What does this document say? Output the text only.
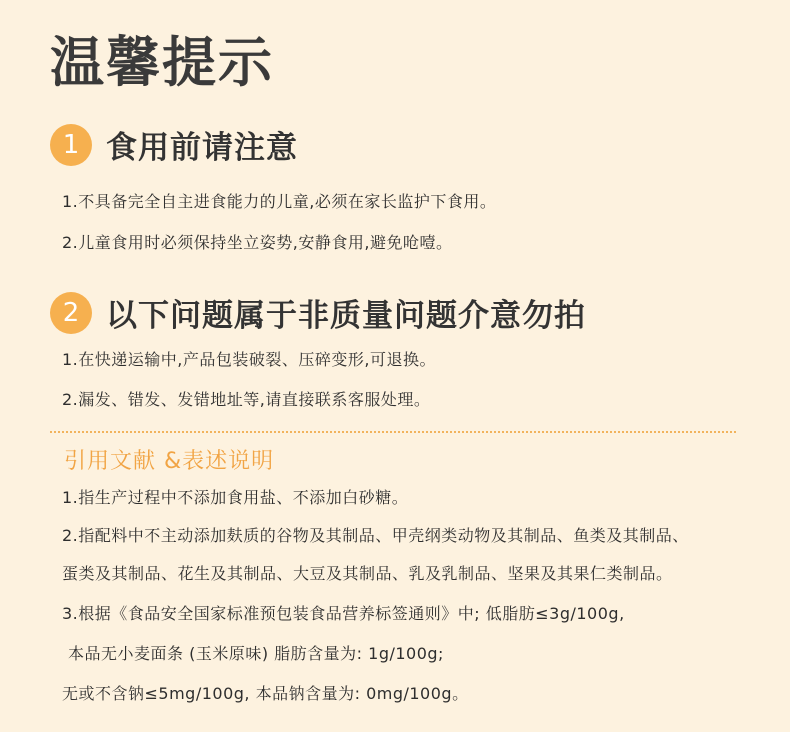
温馨提示
1 食用前请注意
1.不具备完全自主进食能力的儿童,必须在家长监护下食用。
2.儿童食用时必须保持坐立姿势,安静食用,避免呛噎。
2 以下问题属于非质量问题介意勿拍
1.在快递运输中,产品包装破裂、压碎变形,可退换。
2.漏发、错发、发错地址等,请直接联系客服处理。
引用文献 &表述说明
1.指生产过程中不添加食用盐、不添加白砂糖。
2.指配料中不主动添加麸质的谷物及其制品、甲壳纲类动物及其制品、鱼类及其制品、
蛋类及其制品、花生及其制品、大豆及其制品、乳及乳制品、坚果及其果仁类制品。
3.根据《食品安全国家标准预包装食品营养标签通则》中; 低脂肪≤3g/100g,
本品无小麦面条 (玉米原味) 脂肪含量为: 1g/100g;
无或不含钠≤5mg/100g, 本品钠含量为: 0mg/100g。
